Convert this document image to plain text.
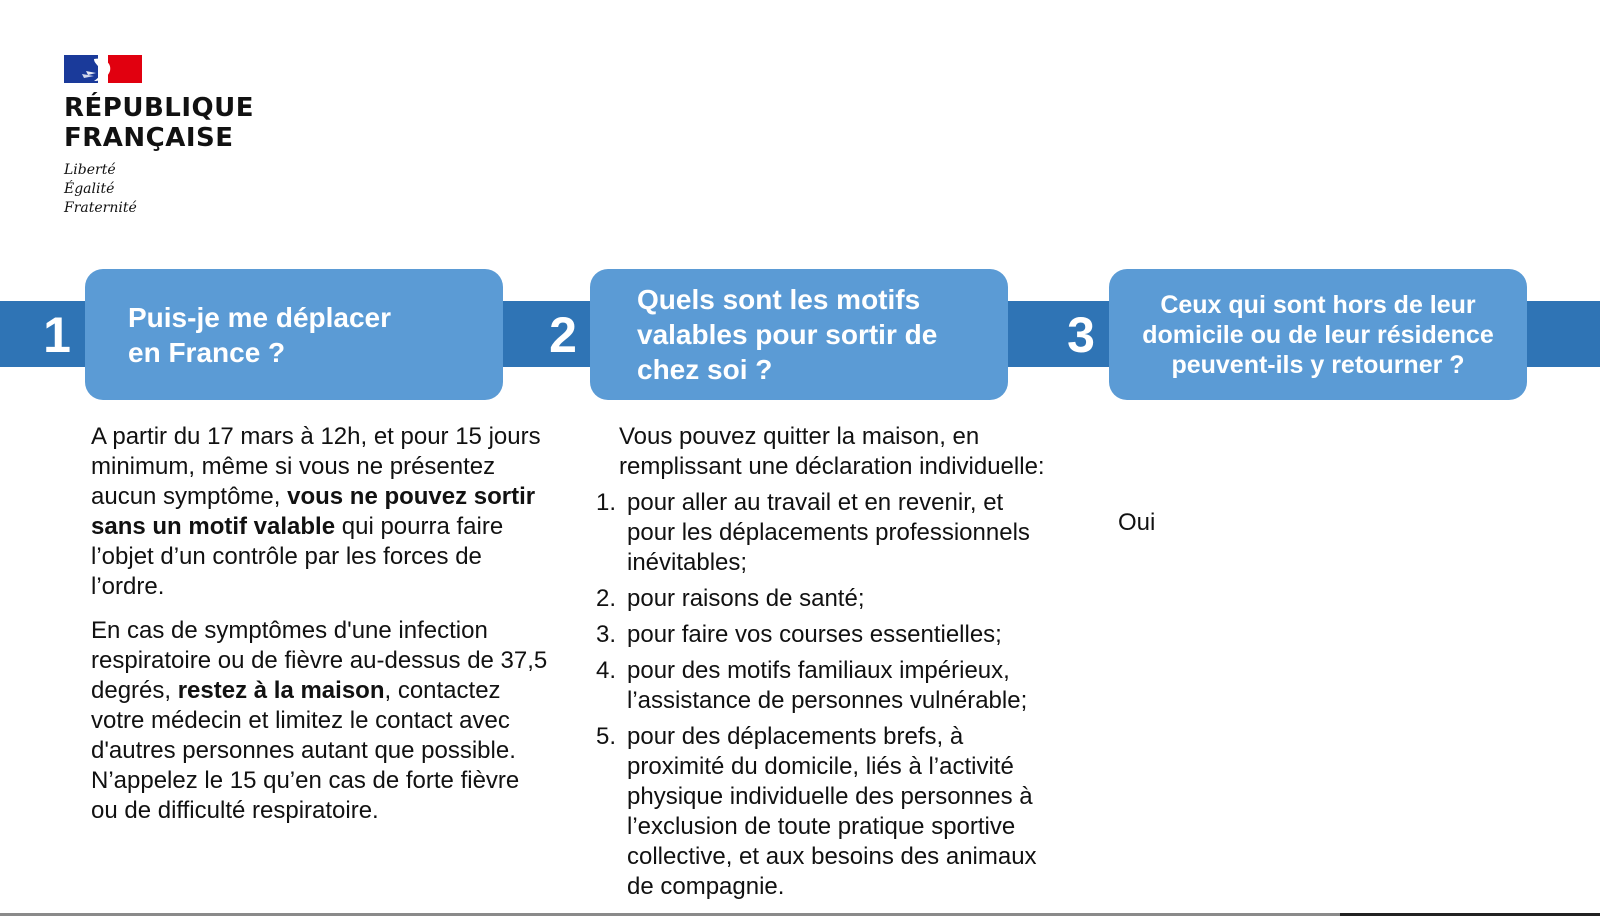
RÉPUBLIQUE
FRANÇAISE
Liberté
Égalité
Fraternité
1	2	3
Puis-je me déplacer en France ?
Quels sont les motifs valables pour sortir de chez soi ?
Ceux qui sont hors de leur domicile ou de leur résidence peuvent-ils y retourner ?

A partir du 17 mars à 12h, et pour 15 jours minimum, même si vous ne présentez aucun symptôme, vous ne pouvez sortir sans un motif valable qui pourra faire l’objet d’un contrôle par les forces de l’ordre.

En cas de symptômes d'une infection respiratoire ou de fièvre au-dessus de 37,5 degrés, restez à la maison, contactez votre médecin et limitez le contact avec d'autres personnes autant que possible. N’appelez le 15 qu’en cas de forte fièvre ou de difficulté respiratoire.

Vous pouvez quitter la maison, en remplissant une déclaration individuelle:
1. pour aller au travail et en revenir, et pour les déplacements professionnels inévitables;
2. pour raisons de santé;
3. pour faire vos courses essentielles;
4. pour des motifs familiaux impérieux, l’assistance de personnes vulnérable;
5. pour des déplacements brefs, à proximité du domicile, liés à l’activité physique individuelle des personnes à l’exclusion de toute pratique sportive collective, et aux besoins des animaux de compagnie.
Oui
